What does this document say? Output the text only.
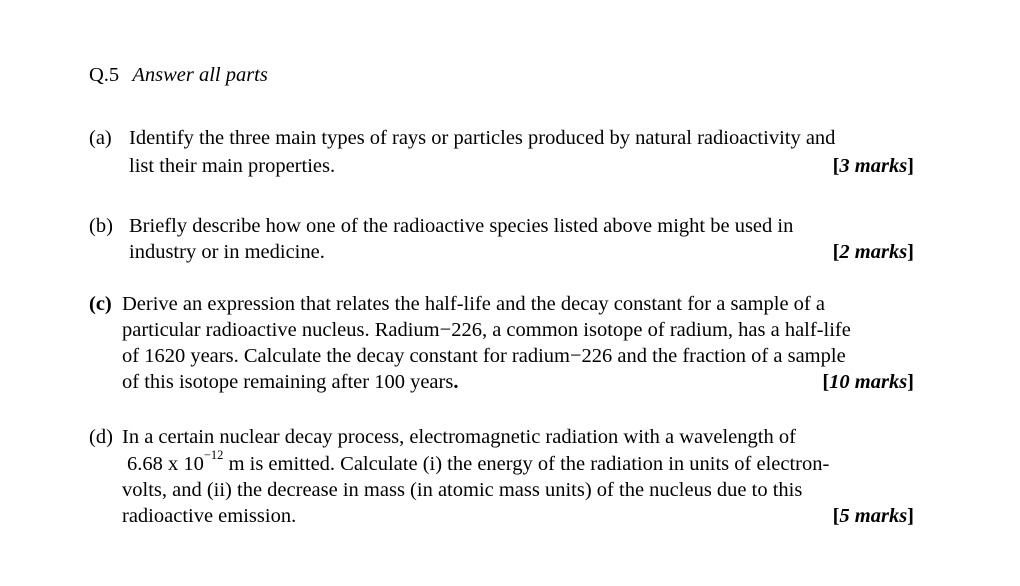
Q.5 Answer all parts
(a) Identify the three main types of rays or particles produced by natural radioactivity and
list their main properties.	[3 marks]
(b) Briefly describe how one of the radioactive species listed above might be used in
industry or in medicine.	[2 marks]
(c) Derive an expression that relates the half-life and the decay constant for a sample of a
particular radioactive nucleus. Radium−226, a common isotope of radium, has a half-life
of 1620 years. Calculate the decay constant for radium−226 and the fraction of a sample
of this isotope remaining after 100 years.	[10 marks]
(d) In a certain nuclear decay process, electromagnetic radiation with a wavelength of
6.68 x $10^{-12}$ m is emitted. Calculate (i) the energy of the radiation in units of electron-
volts, and (ii) the decrease in mass (in atomic mass units) of the nucleus due to this
radioactive emission.	[5 marks]
